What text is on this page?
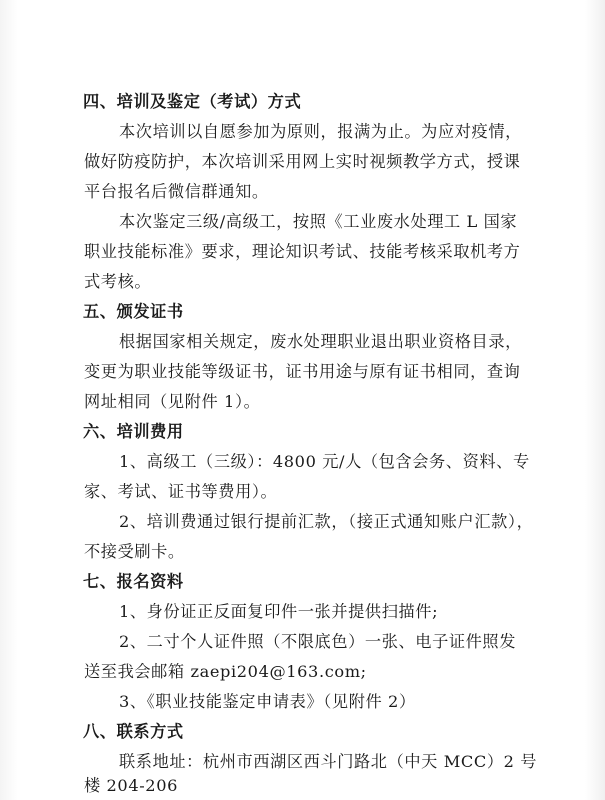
四、培训及鉴定（考试）方式
本次培训以自愿参加为原则，报满为止。为应对疫情，
做好防疫防护，本次培训采用网上实时视频教学方式，授课
平台报名后微信群通知。
本次鉴定三级/高级工，按照《工业废水处理工 L 国家
职业技能标准》要求，理论知识考试、技能考核采取机考方
式考核。
五、颁发证书
根据国家相关规定，废水处理职业退出职业资格目录，
变更为职业技能等级证书，证书用途与原有证书相同，查询
网址相同（见附件 1）。
六、培训费用
1、高级工（三级）：4800 元/人（包含会务、资料、专
家、考试、证书等费用）。
2、培训费通过银行提前汇款，（接正式通知账户汇款），
不接受刷卡。
七、报名资料
1、身份证正反面复印件一张并提供扫描件;
2、二寸个人证件照（不限底色）一张、电子证件照发
送至我会邮箱 zaepi204@163.com;
3、《职业技能鉴定申请表》（见附件 2）
八、联系方式
联系地址：杭州市西湖区西斗门路北（中天 MCC）2 号
楼 204-206
